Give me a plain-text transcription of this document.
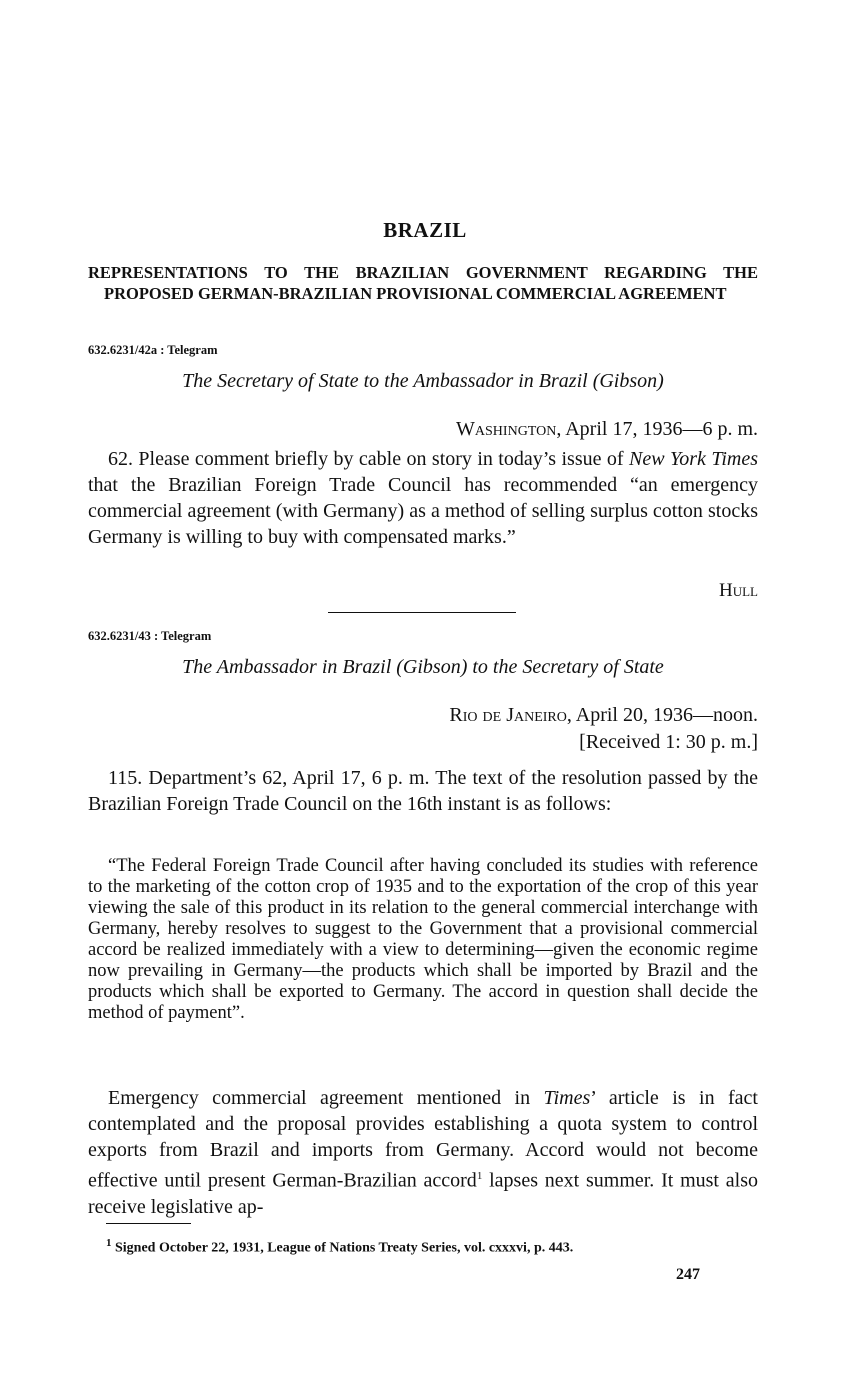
BRAZIL
REPRESENTATIONS TO THE BRAZILIAN GOVERNMENT REGARDING THE PROPOSED GERMAN-BRAZILIAN PROVISIONAL COMMERCIAL AGREEMENT
632.6231/42a : Telegram
The Secretary of State to the Ambassador in Brazil (Gibson)
Washington, April 17, 1936—6 p. m.

62. Please comment briefly by cable on story in today’s issue of New York Times that the Brazilian Foreign Trade Council has recommended “an emergency commercial agreement (with Germany) as a method of selling surplus cotton stocks Germany is willing to buy with compensated marks.”

Hull
632.6231/43 : Telegram
The Ambassador in Brazil (Gibson) to the Secretary of State
Rio de Janeiro, April 20, 1936—noon.
[Received 1: 30 p. m.]

115. Department’s 62, April 17, 6 p. m. The text of the resolution passed by the Brazilian Foreign Trade Council on the 16th instant is as follows:

“The Federal Foreign Trade Council after having concluded its studies with reference to the marketing of the cotton crop of 1935 and to the exportation of the crop of this year viewing the sale of this product in its relation to the general commercial interchange with Germany, hereby resolves to suggest to the Government that a provisional commercial accord be realized immediately with a view to determining—given the economic regime now prevailing in Germany—the products which shall be imported by Brazil and the products which shall be exported to Germany. The accord in question shall decide the method of payment”.

Emergency commercial agreement mentioned in Times’ article is in fact contemplated and the proposal provides establishing a quota system to control exports from Brazil and imports from Germany. Accord would not become effective until present German-Brazilian accord$^1$ lapses next summer. It must also receive legislative ap-

$^1$ Signed October 22, 1931, League of Nations Treaty Series, vol. cxxxvi, p. 443.
247
